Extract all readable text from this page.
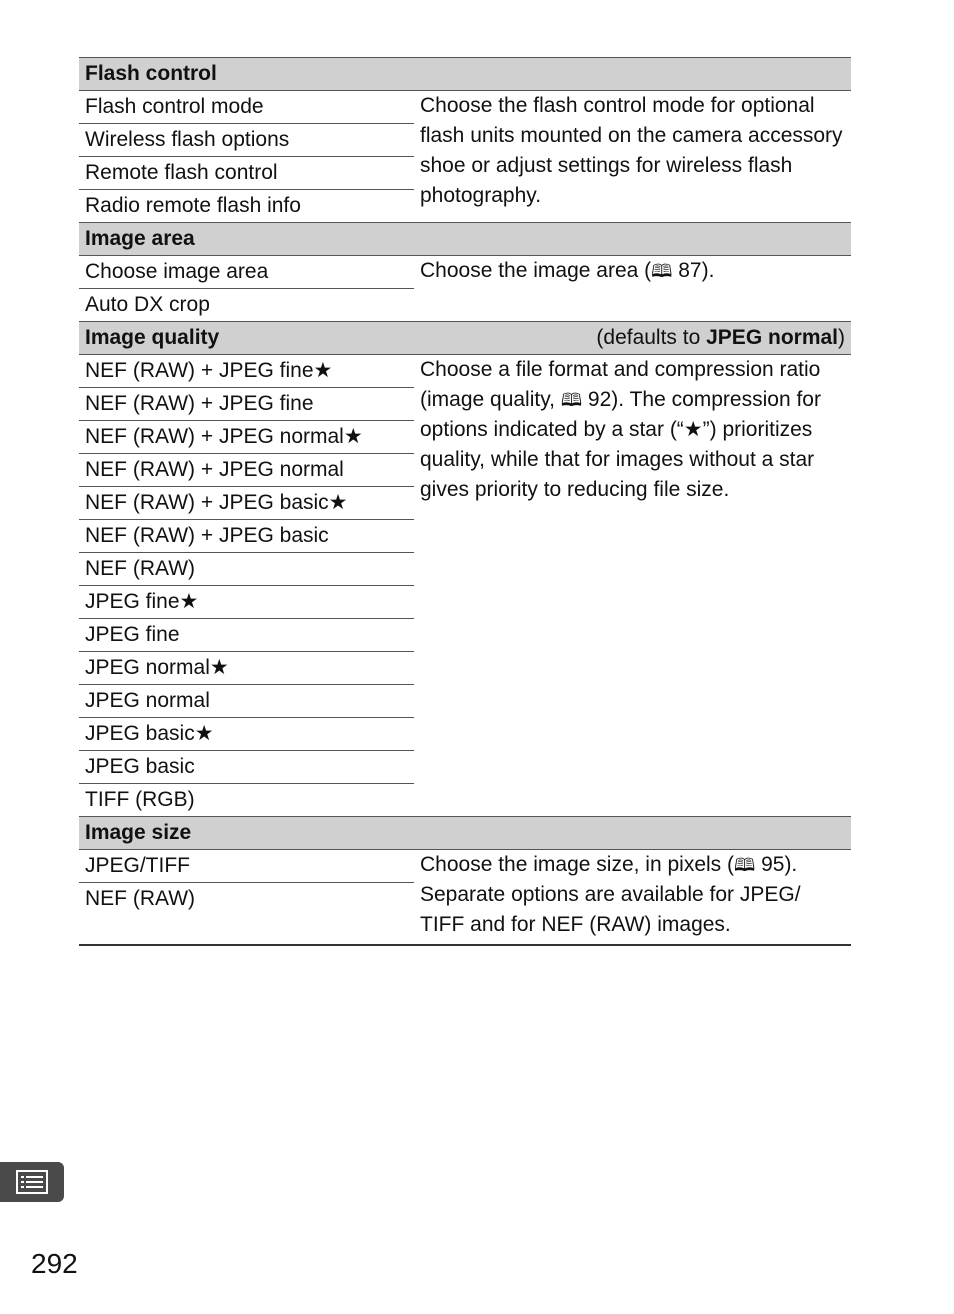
Flash control	
Flash control mode	Choose the flash control mode for optional flash units mounted on the camera accessory shoe or adjust settings for wireless flash photography.
Wireless flash options	
Remote flash control	
Radio remote flash info	
Image area	
Choose image area	Choose the image area (🕮 87).
Auto DX crop	
Image quality (defaults to JPEG normal)	

NEF (RAW) + JPEG fine★	Choose a file format and compression ratio (image quality, 🕮 92). The compression for options indicated by a star (“★”) prioritizes quality, while that for images without a star gives priority to reducing file size.
NEF (RAW) + JPEG fine	
NEF (RAW) + JPEG normal★	
NEF (RAW) + JPEG normal	
NEF (RAW) + JPEG basic★	
NEF (RAW) + JPEG basic	
NEF (RAW)	
JPEG fine★	
JPEG fine	
JPEG normal★	
JPEG normal	
JPEG basic★	
JPEG basic	
TIFF (RGB)	
Image size	
JPEG/TIFF	Choose the image size, in pixels (🕮 95). Separate options are available for JPEG/ TIFF and for NEF (RAW) images.
NEF (RAW)	
292
